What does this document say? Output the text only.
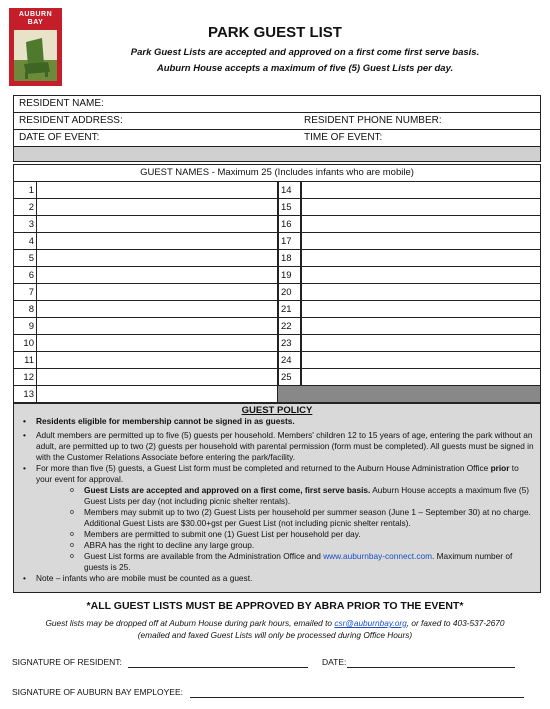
AUBURN
BAY
PARK GUEST LIST
Park Guest Lists are accepted and approved on a first come first serve basis.
Auburn House accepts a maximum of five (5) Guest Lists per day.
RESIDENT NAME:
RESIDENT ADDRESS:	RESIDENT PHONE NUMBER:
DATE OF EVENT:	TIME OF EVENT:
GUEST NAMES - Maximum 25 (Includes infants who are mobile)
1	14
2	15
3	16
4	17
5	18
6	19
7	20
8	21
9	22
10	23
11	24
12	25
13
GUEST POLICY
• Residents eligible for membership cannot be signed in as guests.
• Adult members are permitted up to five (5) guests per household. Members' children 12 to 15 years of age, entering the park without an adult, are permitted up to two (2) guests per household with parental permission (form must be completed). All guests must be signed in with the Customer Relations Associate before entering the park/facility.
• For more than five (5) guests, a Guest List form must be completed and returned to the Auburn House Administration Office prior to your event for approval.
o Guest Lists are accepted and approved on a first come, first serve basis. Auburn House accepts a maximum five (5) Guest Lists per day (not including picnic shelter rentals).
o Members may submit up to two (2) Guest Lists per household per summer season (June 1 – September 30) at no charge. Additional Guest Lists are $30.00+gst per Guest List (not including picnic shelter rentals).
o Members are permitted to submit one (1) Guest List per household per day.
o ABRA has the right to decline any large group.
o Guest List forms are available from the Administration Office and www.auburnbay-connect.com. Maximum number of guests is 25.
• Note – infants who are mobile must be counted as a guest.
*ALL GUEST LISTS MUST BE APPROVED BY ABRA PRIOR TO THE EVENT*
Guest lists may be dropped off at Auburn House during park hours, emailed to csr@auburnbay.org, or faxed to 403-537-2670
(emailed and faxed Guest Lists will only be processed during Office Hours)
SIGNATURE OF RESIDENT:	DATE:
SIGNATURE OF AUBURN BAY EMPLOYEE:
